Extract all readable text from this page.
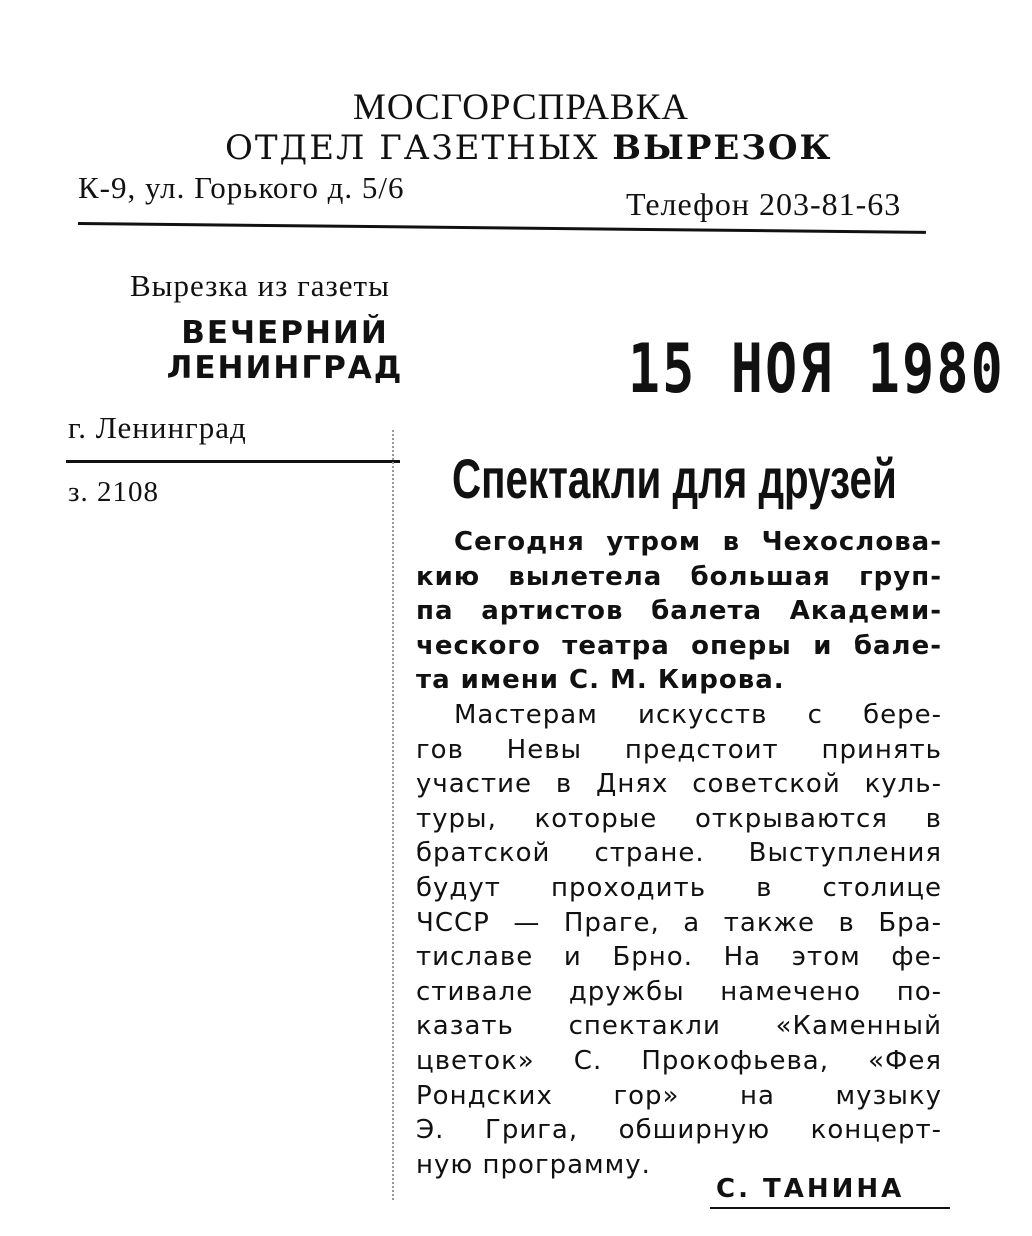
МОСГОРСПРАВКА
ОТДЕЛ ГАЗЕТНЫХ ВЫРЕЗОК
К-9, ул. Горького д. 5/6	Телефон 203-81-63
Вырезка из газеты
ВЕЧЕРНИЙ
ЛЕНИНГРАД
г. Ленинград
з. 2108
15 НОЯ 1980
Спектакли для друзей
Сегодня утром в Чехослова-
кию вылетела большая груп-
па артистов балета Академи-
ческого театра оперы и бале-
та имени С. М. Кирова.
Мастерам искусств с бере-
гов Невы предстоит принять
участие в Днях советской куль-
туры, которые открываются в
братской стране. Выступления
будут проходить в столице
ЧССР — Праге, а также в Бра-
тиславе и Брно. На этом фе-
стивале дружбы намечено по-
казать спектакли «Каменный
цветок» С. Прокофьева, «Фея
Рондских гор» на музыку
Э. Грига, обширную концерт-
ную программу.
С. ТАНИНА
